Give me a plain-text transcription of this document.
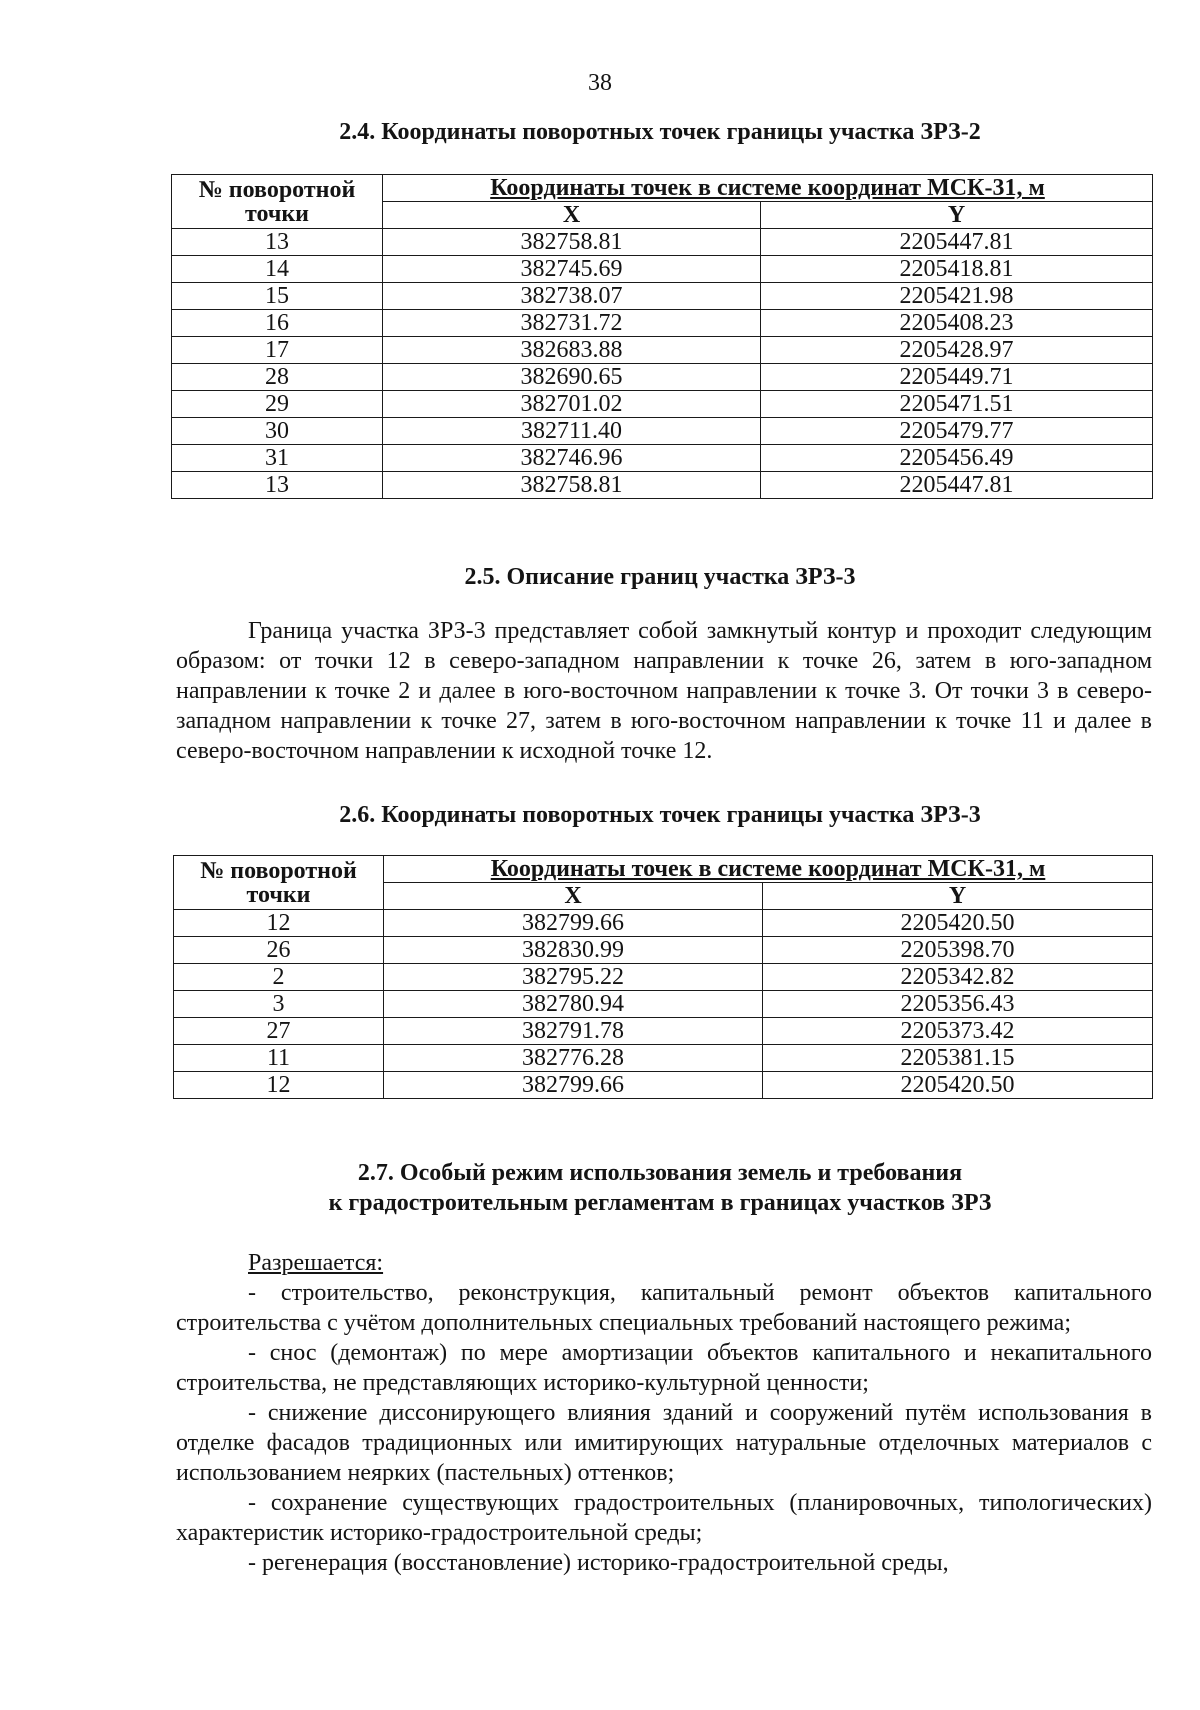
38
2.4. Координаты поворотных точек границы участка ЗРЗ-2
№ поворотной точки	Координаты точек в системе координат МСК-31, м	
	X	Y
13	382758.81	2205447.81
14	382745.69	2205418.81
15	382738.07	2205421.98
16	382731.72	2205408.23
17	382683.88	2205428.97
28	382690.65	2205449.71
29	382701.02	2205471.51
30	382711.40	2205479.77
31	382746.96	2205456.49
13	382758.81	2205447.81
2.5. Описание границ участка ЗРЗ-3

Граница участка ЗРЗ-3 представляет собой замкнутый контур и проходит следующим образом: от точки 12 в северо-западном направлении к точке 26, затем в юго-западном направлении к точке 2 и далее в юго-восточном направлении к точке 3. От точки 3 в северо-западном направлении к точке 27, затем в юго-восточном направлении к точке 11 и далее в северо-восточном направлении к исходной точке 12.

2.6. Координаты поворотных точек границы участка ЗРЗ-3
№ поворотной точки	Координаты точек в системе координат МСК-31, м	
	X	Y
12	382799.66	2205420.50
26	382830.99	2205398.70
2	382795.22	2205342.82
3	382780.94	2205356.43
27	382791.78	2205373.42
11	382776.28	2205381.15
12	382799.66	2205420.50
2.7. Особый режим использования земель и требования
к градостроительным регламентам в границах участков ЗРЗ

Разрешается:

- строительство, реконструкция, капитальный ремонт объектов капитального строительства с учётом дополнительных специальных требований настоящего режима;

- снос (демонтаж) по мере амортизации объектов капитального и некапитального строительства, не представляющих историко-культурной ценности;

- снижение диссонирующего влияния зданий и сооружений путём использования в отделке фасадов традиционных или имитирующих натуральные отделочных материалов с использованием неярких (пастельных) оттенков;

- сохранение существующих градостроительных (планировочных, типологических) характеристик историко-градостроительной среды;

- регенерация (восстановление) историко-градостроительной среды,
